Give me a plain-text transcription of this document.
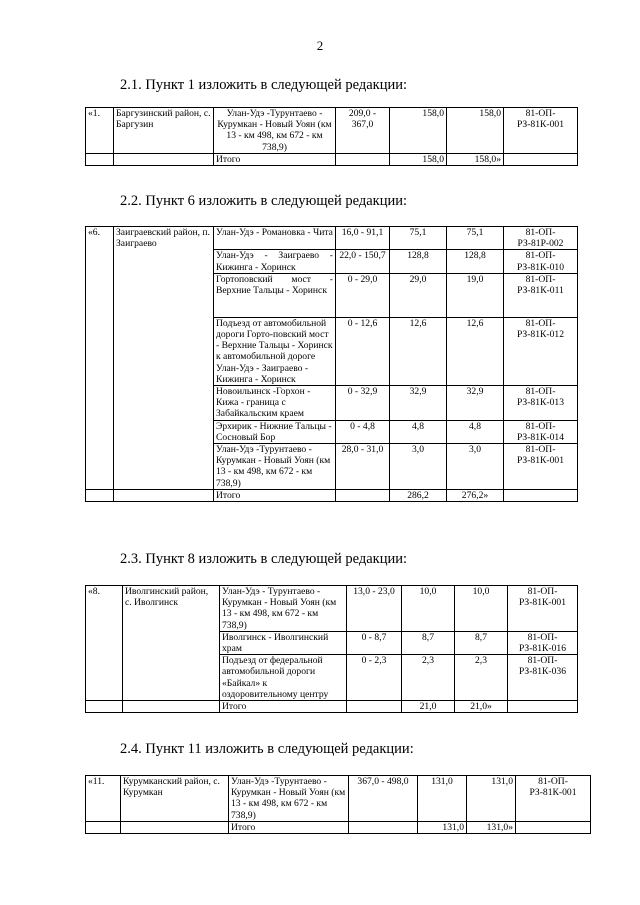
2
2.1. Пункт 1 изложить в следующей редакции:
«1.	Баргузинский район, с. Баргузин	Улан-Удэ -Турунтаево - Курумкан - Новый Уоян (км 13 - км 498, км 672 - км 738,9)	209,0 - 367,0	158,0	158,0	81-ОП-РЗ-81К-001
		Итого		158,0	158,0»	
2.2. Пункт 6 изложить в следующей редакции:
«6.	Заиграевский район, п. Заиграево	Улан-Удэ - Романовка - Чита	16,0 - 91,1	75,1	75,1	81-ОП-РЗ-81Р-002
		Улан-Удэ - Заиграево - Кижинга - Хоринск	22,0 - 150,7	128,8	128,8	81-ОП-РЗ-81К-010
		Гортоповский мост - Верхние Тальцы - Хоринск	0 - 29,0	29,0	19,0	81-ОП-РЗ-81К-011
		Подъезд от автомобильной дороги Горто-повский мост - Верхние Тальцы - Хоринск к автомобильной дороге Улан-Удэ - Заиграево - Кижинга - Хоринск	0 - 12,6	12,6	12,6	81-ОП-РЗ-81К-012
		Новоильинск -Горхон - Кижа - граница с Забайкальским краем	0 - 32,9	32,9	32,9	81-ОП-РЗ-81К-013
		Эрхирик - Нижние Тальцы - Сосновый Бор	0 - 4,8	4,8	4,8	81-ОП-РЗ-81К-014
		Улан-Удэ -Турунтаево - Курумкан - Новый Уоян (км 13 - км 498, км 672 - км 738,9)	28,0 - 31,0	3,0	3,0	81-ОП-РЗ-81К-001
		Итого		286,2	276,2»	
2.3. Пункт 8 изложить в следующей редакции:
«8.	Иволгинский район, с. Иволгинск	Улан-Удэ - Турунтаево - Курумкан - Новый Уоян (км 13 - км 498, км 672 - км 738,9)	13,0 - 23,0	10,0	10,0	81-ОП-РЗ-81К-001
		Иволгинск - Иволгинский храм	0 - 8,7	8,7	8,7	81-ОП-РЗ-81К-016
		Подъезд от федеральной автомобильной дороги «Байкал» к оздоровительному центру	0 - 2,3	2,3	2,3	81-ОП-РЗ-81К-036
		Итого		21,0	21,0»	
2.4. Пункт 11 изложить в следующей редакции:
«11.	Курумканский район, с. Курумкан	Улан-Удэ -Турунтаево - Курумкан - Новый Уоян (км 13 - км 498, км 672 - км 738,9)	367,0 - 498,0	131,0	131,0	81-ОП-РЗ-81К-001
		Итого		131,0	131,0»	
